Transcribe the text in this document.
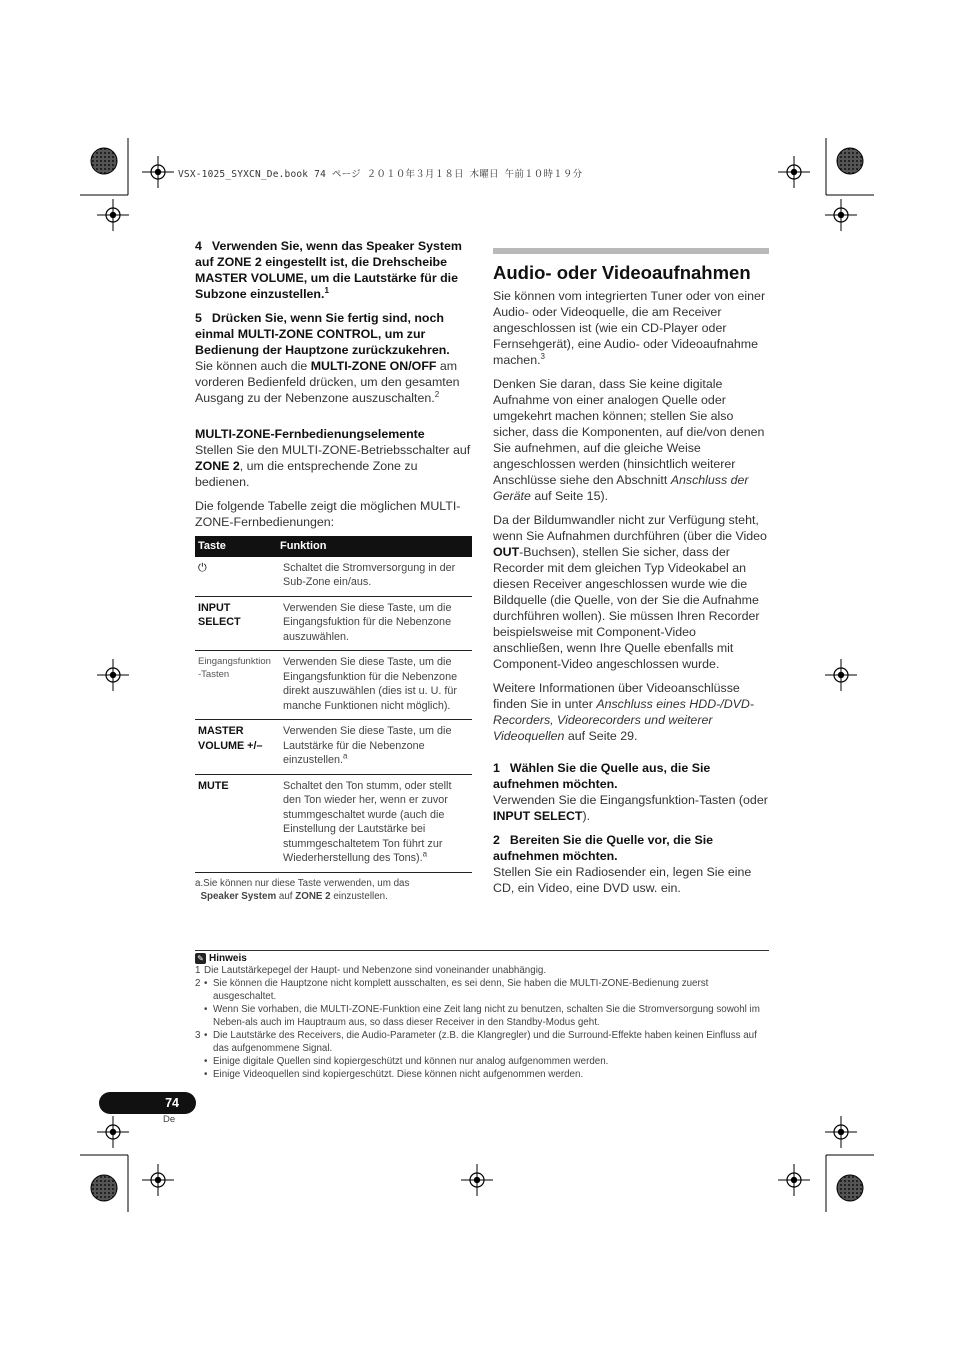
VSX-1025_SYXCN_De.book 74 ページ ２０１０年３月１８日 木曜日 午前１０時１９分

4 Verwenden Sie, wenn das Speaker System auf ZONE 2 eingestellt ist, die Drehscheibe MASTER VOLUME, um die Lautstärke für die Subzone einzustellen.$^1$

5 Drücken Sie, wenn Sie fertig sind, noch einmal MULTI-ZONE CONTROL, um zur Bedienung der Hauptzone zurückzukehren.

Sie können auch die MULTI-ZONE ON/OFF am vorderen Bedienfeld drücken, um den gesamten Ausgang zu der Nebenzone auszuschalten.$^2$

MULTI-ZONE-Fernbedienungselemente

Stellen Sie den MULTI-ZONE-Betriebsschalter auf ZONE 2, um die entsprechende Zone zu bedienen.

Die folgende Tabelle zeigt die möglichen MULTI-ZONE-Fernbedienungen:

Taste	Funktion
⏻	Schaltet die Stromversorgung in der Sub-Zone ein/aus.
INPUT SELECT	Verwenden Sie diese Taste, um die Eingangsfuktion für die Nebenzone auszuwählen.
Eingangsfunktion -Tasten	Verwenden Sie diese Taste, um die Eingangsfunktion für die Nebenzone direkt auszuwählen (dies ist u. U. für manche Funktionen nicht möglich).
MASTER VOLUME +/–	Verwenden Sie diese Taste, um die Lautstärke für die Nebenzone einzustellen.$^a$
MUTE	Schaltet den Ton stumm, oder stellt den Ton wieder her, wenn er zuvor stummgeschaltet wurde (auch die Einstellung der Lautstärke bei stummgeschaltetem Ton führt zur Wiederherstellung des Tons).$^a$
a.Sie können nur diese Taste verwenden, um das
Speaker System auf ZONE 2 einzustellen.
Audio- oder Videoaufnahmen

Sie können vom integrierten Tuner oder von einer Audio- oder Videoquelle, die am Receiver angeschlossen ist (wie ein CD-Player oder Fernsehgerät), eine Audio- oder Videoaufnahme machen.$^3$

Denken Sie daran, dass Sie keine digitale Aufnahme von einer analogen Quelle oder umgekehrt machen können; stellen Sie also sicher, dass die Komponenten, auf die/von denen Sie aufnehmen, auf die gleiche Weise angeschlossen werden (hinsichtlich weiterer Anschlüsse siehe den Abschnitt Anschluss der Geräte auf Seite 15).

Da der Bildumwandler nicht zur Verfügung steht, wenn Sie Aufnahmen durchführen (über die Video OUT-Buchsen), stellen Sie sicher, dass der Recorder mit dem gleichen Typ Videokabel an diesen Receiver angeschlossen wurde wie die Bildquelle (die Quelle, von der Sie die Aufnahme durchführen wollen). Sie müssen Ihren Recorder beispielsweise mit Component-Video anschließen, wenn Ihre Quelle ebenfalls mit Component-Video angeschlossen wurde.

Weitere Informationen über Videoanschlüsse finden Sie in unter Anschluss eines HDD-/DVD-Recorders, Videorecorders und weiterer Videoquellen auf Seite 29.

1 Wählen Sie die Quelle aus, die Sie aufnehmen möchten.

Verwenden Sie die Eingangsfunktion-Tasten (oder INPUT SELECT).

2 Bereiten Sie die Quelle vor, die Sie aufnehmen möchten.

Stellen Sie ein Radiosender ein, legen Sie eine CD, ein Video, eine DVD usw. ein.

✎ Hinweis
1 Die Lautstärkepegel der Haupt- und Nebenzone sind voneinander unabhängig.
2 • Sie können die Hauptzone nicht komplett ausschalten, es sei denn, Sie haben die MULTI-ZONE-Bedienung zuerst ausgeschaltet.
• Wenn Sie vorhaben, die MULTI-ZONE-Funktion eine Zeit lang nicht zu benutzen, schalten Sie die Stromversorgung sowohl im Neben-als auch im Hauptraum aus, so dass dieser Receiver in den Standby-Modus geht.
3 • Die Lautstärke des Receivers, die Audio-Parameter (z.B. die Klangregler) und die Surround-Effekte haben keinen Einfluss auf das aufgenommene Signal.
• Einige digitale Quellen sind kopiergeschützt und können nur analog aufgenommen werden.
• Einige Videoquellen sind kopiergeschützt. Diese können nicht aufgenommen werden.
74
De
